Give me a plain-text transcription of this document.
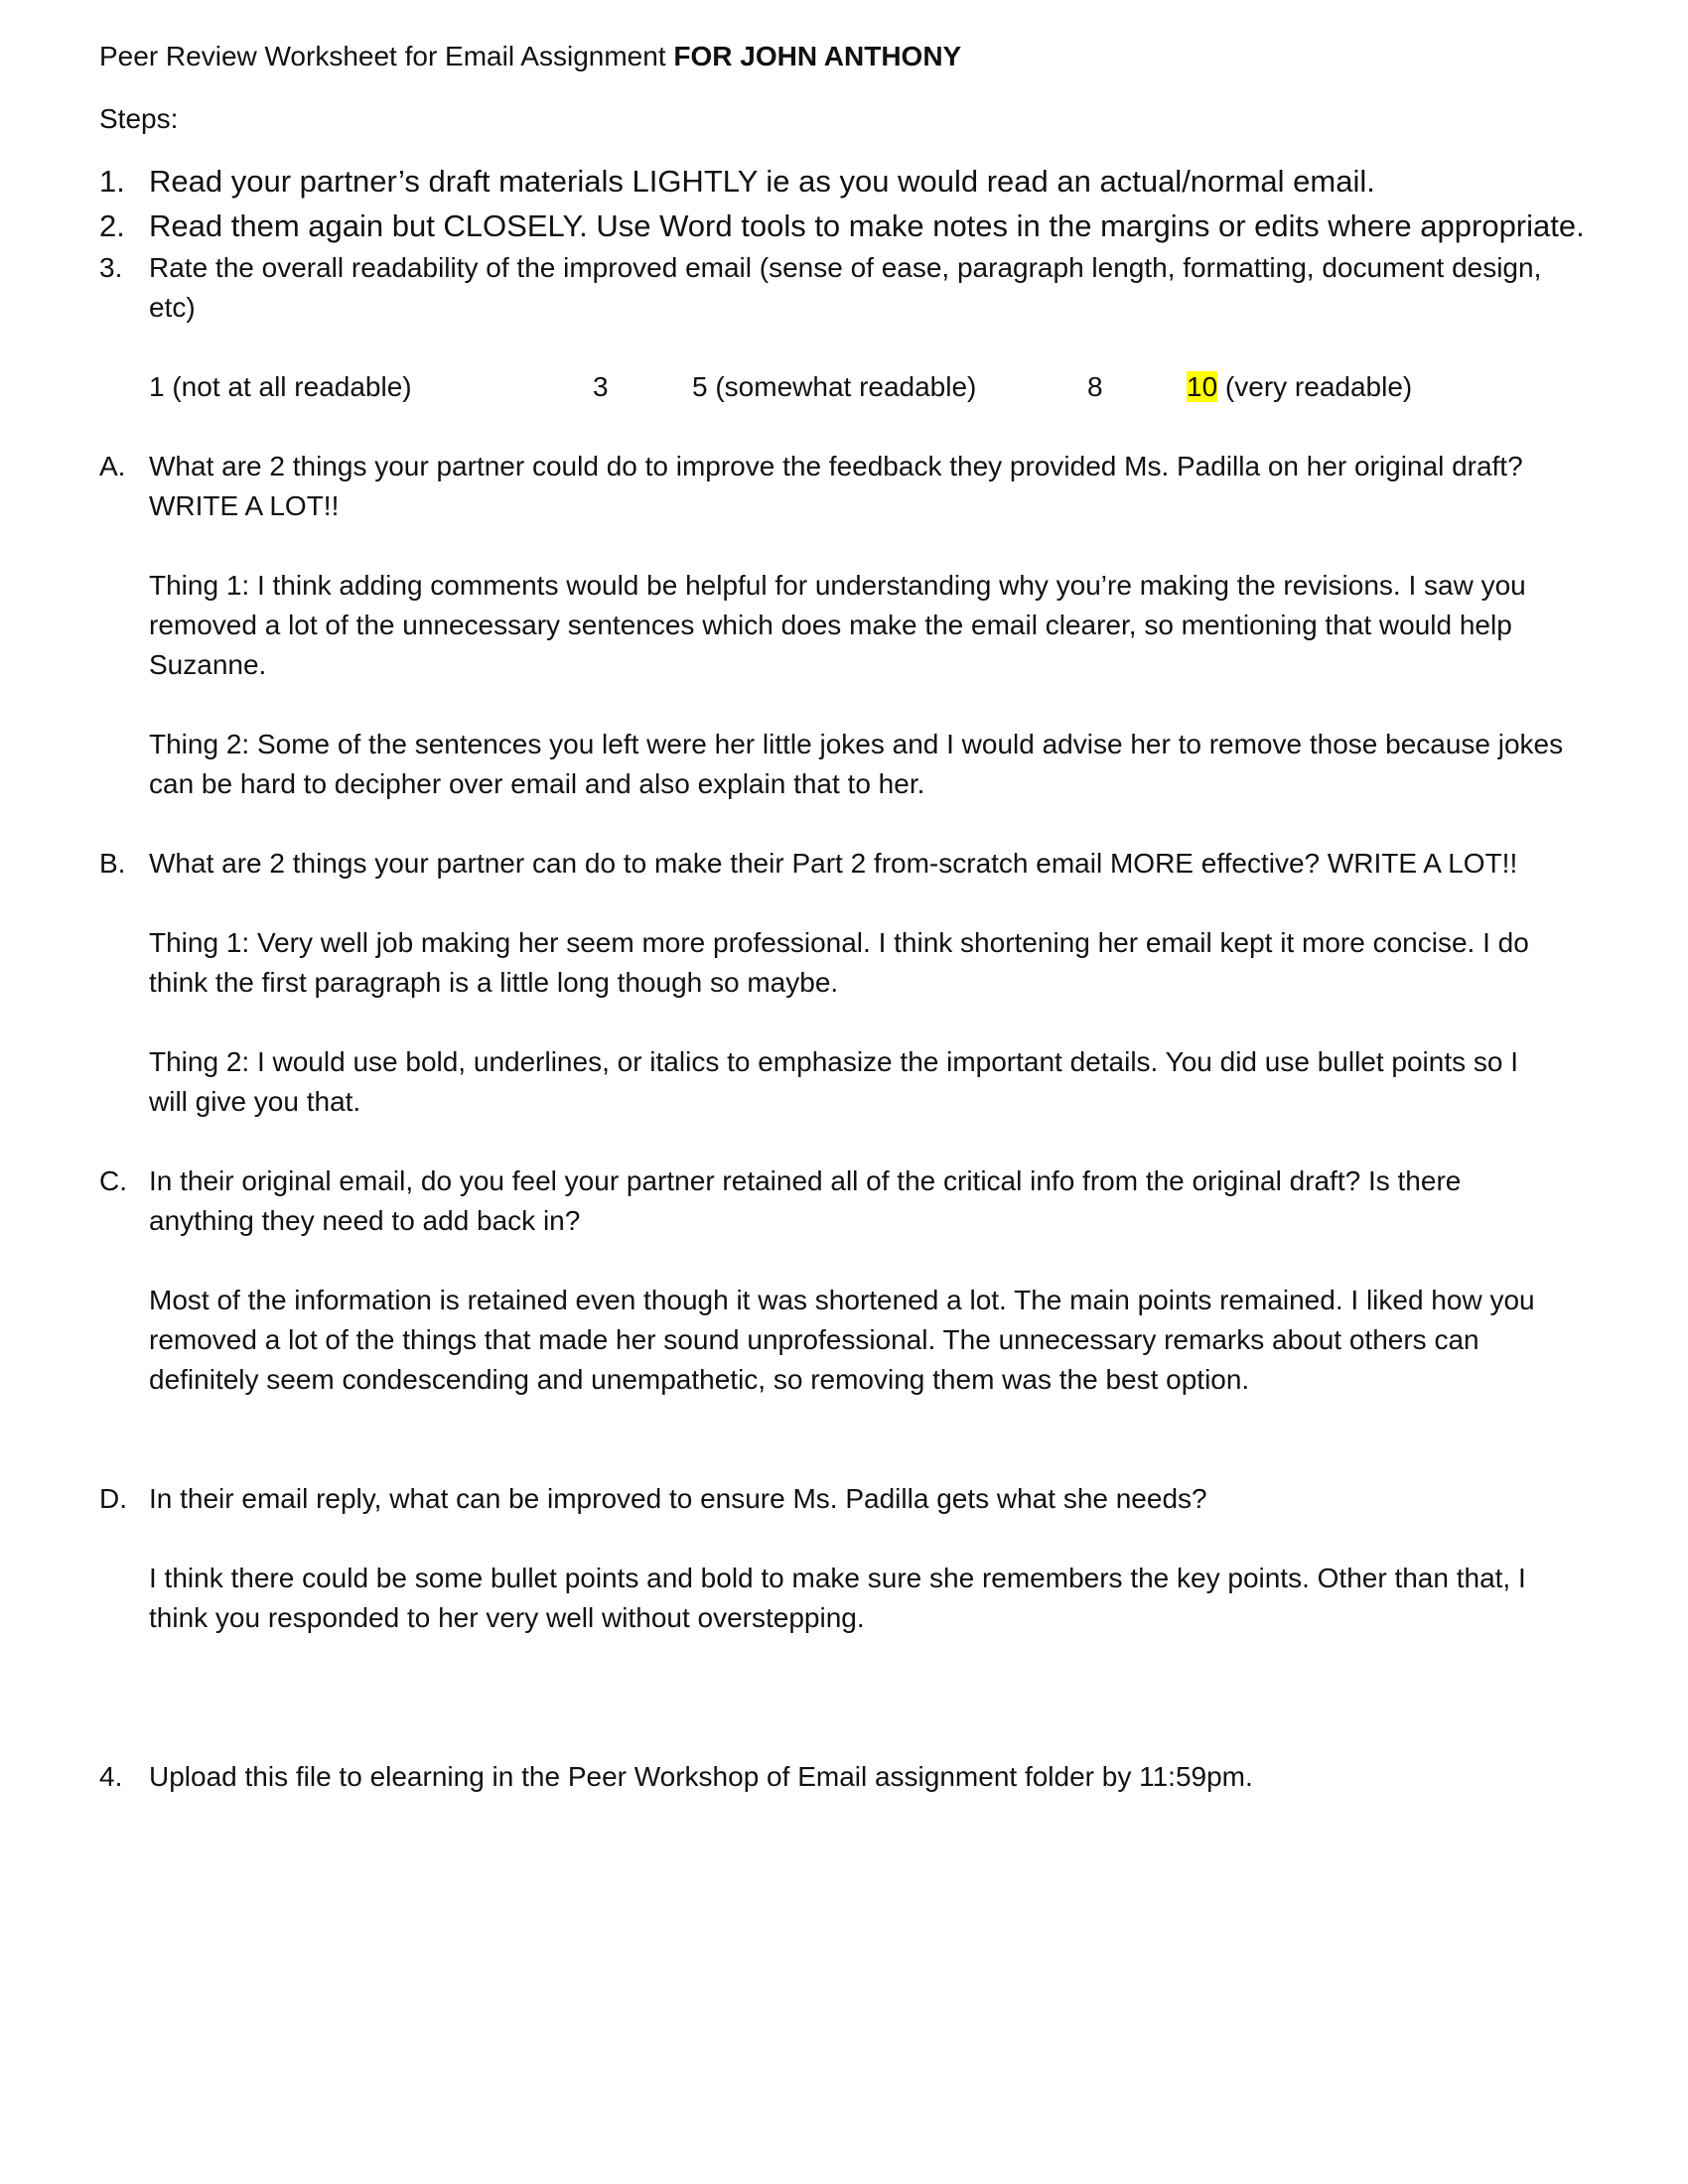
Peer Review Worksheet for Email Assignment FOR JOHN ANTHONY
Steps:
1. Read your partner’s draft materials LIGHTLY ie as you would read an actual/normal email.
2. Read them again but CLOSELY. Use Word tools to make notes in the margins or edits where appropriate.
3. Rate the overall readability of the improved email (sense of ease, paragraph length, formatting, document design,
etc)
1 (not at all readable)	3	5 (somewhat readable)	8	10 (very readable)
A. What are 2 things your partner could do to improve the feedback they provided Ms. Padilla on her original draft?
WRITE A LOT!!
Thing 1: I think adding comments would be helpful for understanding why you’re making the revisions. I saw you
removed a lot of the unnecessary sentences which does make the email clearer, so mentioning that would help
Suzanne.
Thing 2: Some of the sentences you left were her little jokes and I would advise her to remove those because jokes
can be hard to decipher over email and also explain that to her.
B. What are 2 things your partner can do to make their Part 2 from-scratch email MORE effective? WRITE A LOT!!
Thing 1: Very well job making her seem more professional. I think shortening her email kept it more concise. I do
think the first paragraph is a little long though so maybe.
Thing 2: I would use bold, underlines, or italics to emphasize the important details. You did use bullet points so I
will give you that.
C. In their original email, do you feel your partner retained all of the critical info from the original draft? Is there
anything they need to add back in?
Most of the information is retained even though it was shortened a lot. The main points remained. I liked how you
removed a lot of the things that made her sound unprofessional. The unnecessary remarks about others can
definitely seem condescending and unempathetic, so removing them was the best option.
D. In their email reply, what can be improved to ensure Ms. Padilla gets what she needs?
I think there could be some bullet points and bold to make sure she remembers the key points. Other than that, I
think you responded to her very well without overstepping.
4. Upload this file to elearning in the Peer Workshop of Email assignment folder by 11:59pm.
